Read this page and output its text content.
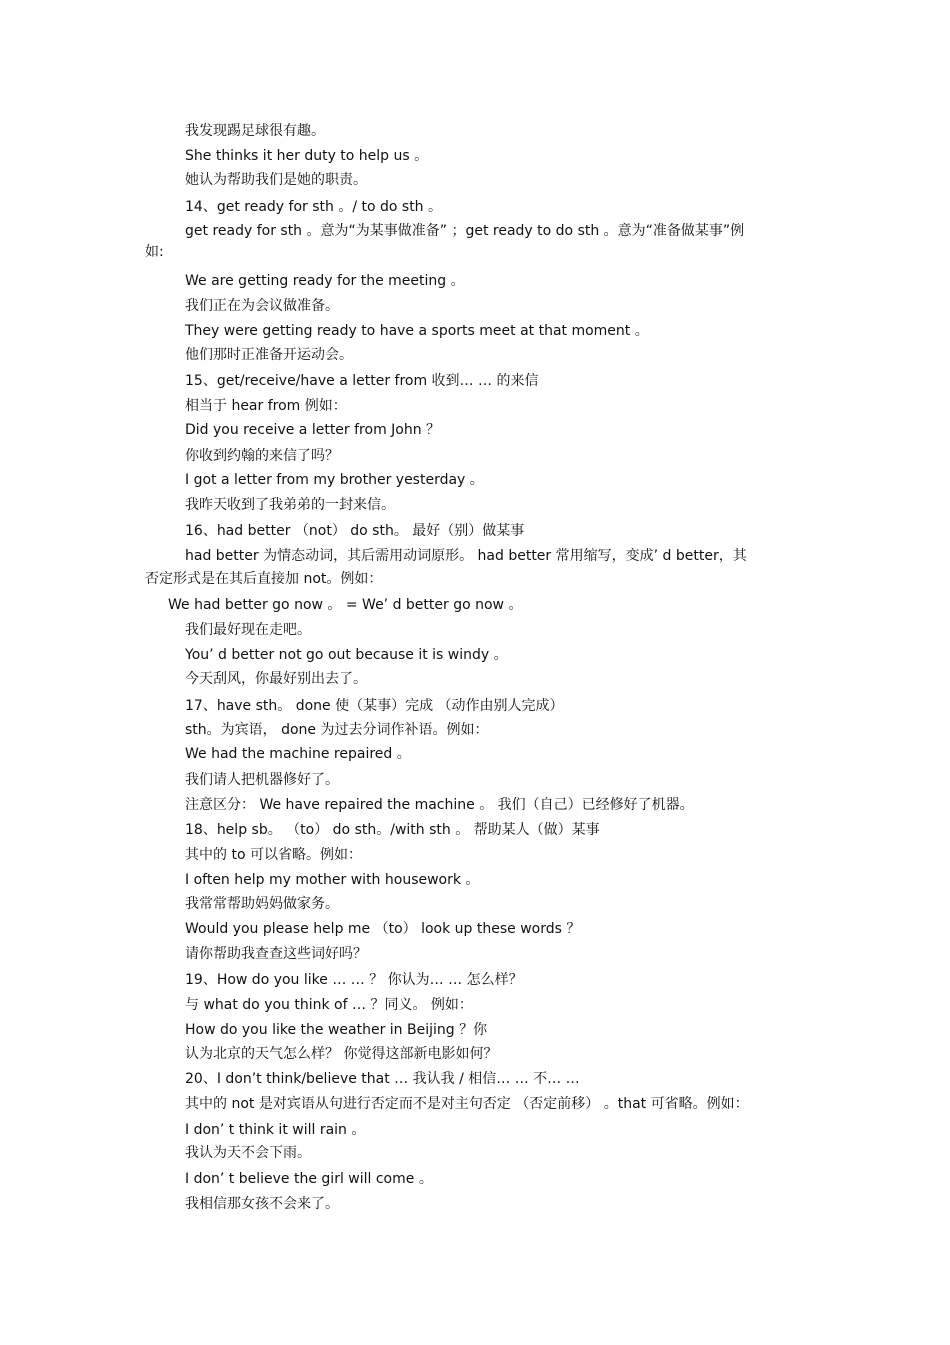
我发现踢足球很有趣。
She thinks it her duty to help us 。
她认为帮助我们是她的职责。
14、get ready for sth 。/ to do sth 。
get ready for sth 。意为“为某事做准备” ；get ready to do sth 。意为“准备做某事”例
如:
We are getting ready for the meeting 。
我们正在为会议做准备。
They were getting ready to have a sports meet at that moment 。
他们那时正准备开运动会。
15、get/receive/have a letter from 收到… … 的来信
相当于 hear from 例如：
Did you receive a letter from John ？
你收到约翰的来信了吗？
I got a letter from my brother yesterday 。
我昨天收到了我弟弟的一封来信。
16、had better （not） do sth。 最好（别）做某事
had better 为情态动词，其后需用动词原形。 had better 常用缩写，变成’ d better，其
否定形式是在其后直接加 not。例如：
We had better go now 。 = We’ d better go now 。
我们最好现在走吧。
You’ d better not go out because it is windy 。
今天刮风，你最好别出去了。
17、have sth。 done 使（某事）完成 （动作由别人完成）
sth。为宾语， done 为过去分词作补语。例如：
We had the machine repaired 。
我们请人把机器修好了。
注意区分： We have repaired the machine 。 我们（自己）已经修好了机器。
18、help sb。 （to） do sth。/with sth 。 帮助某人（做）某事
其中的 to 可以省略。例如：
I often help my mother with housework 。
我常常帮助妈妈做家务。
Would you please help me （to） look up these words ？
请你帮助我查查这些词好吗？
19、How do you like … … ？ 你认为… … 怎么样？
与 what do you think of … ？同义。 例如：
How do you like the weather in Beijing ？你
认为北京的天气怎么样？ 你觉得这部新电影如何？
20、I don’t think/believe that … 我认我 / 相信… … 不… …
其中的 not 是对宾语从句进行否定而不是对主句否定 （否定前移） 。that 可省略。例如：
I don’ t think it will rain 。
我认为天不会下雨。
I don’ t believe the girl will come 。
我相信那女孩不会来了。
